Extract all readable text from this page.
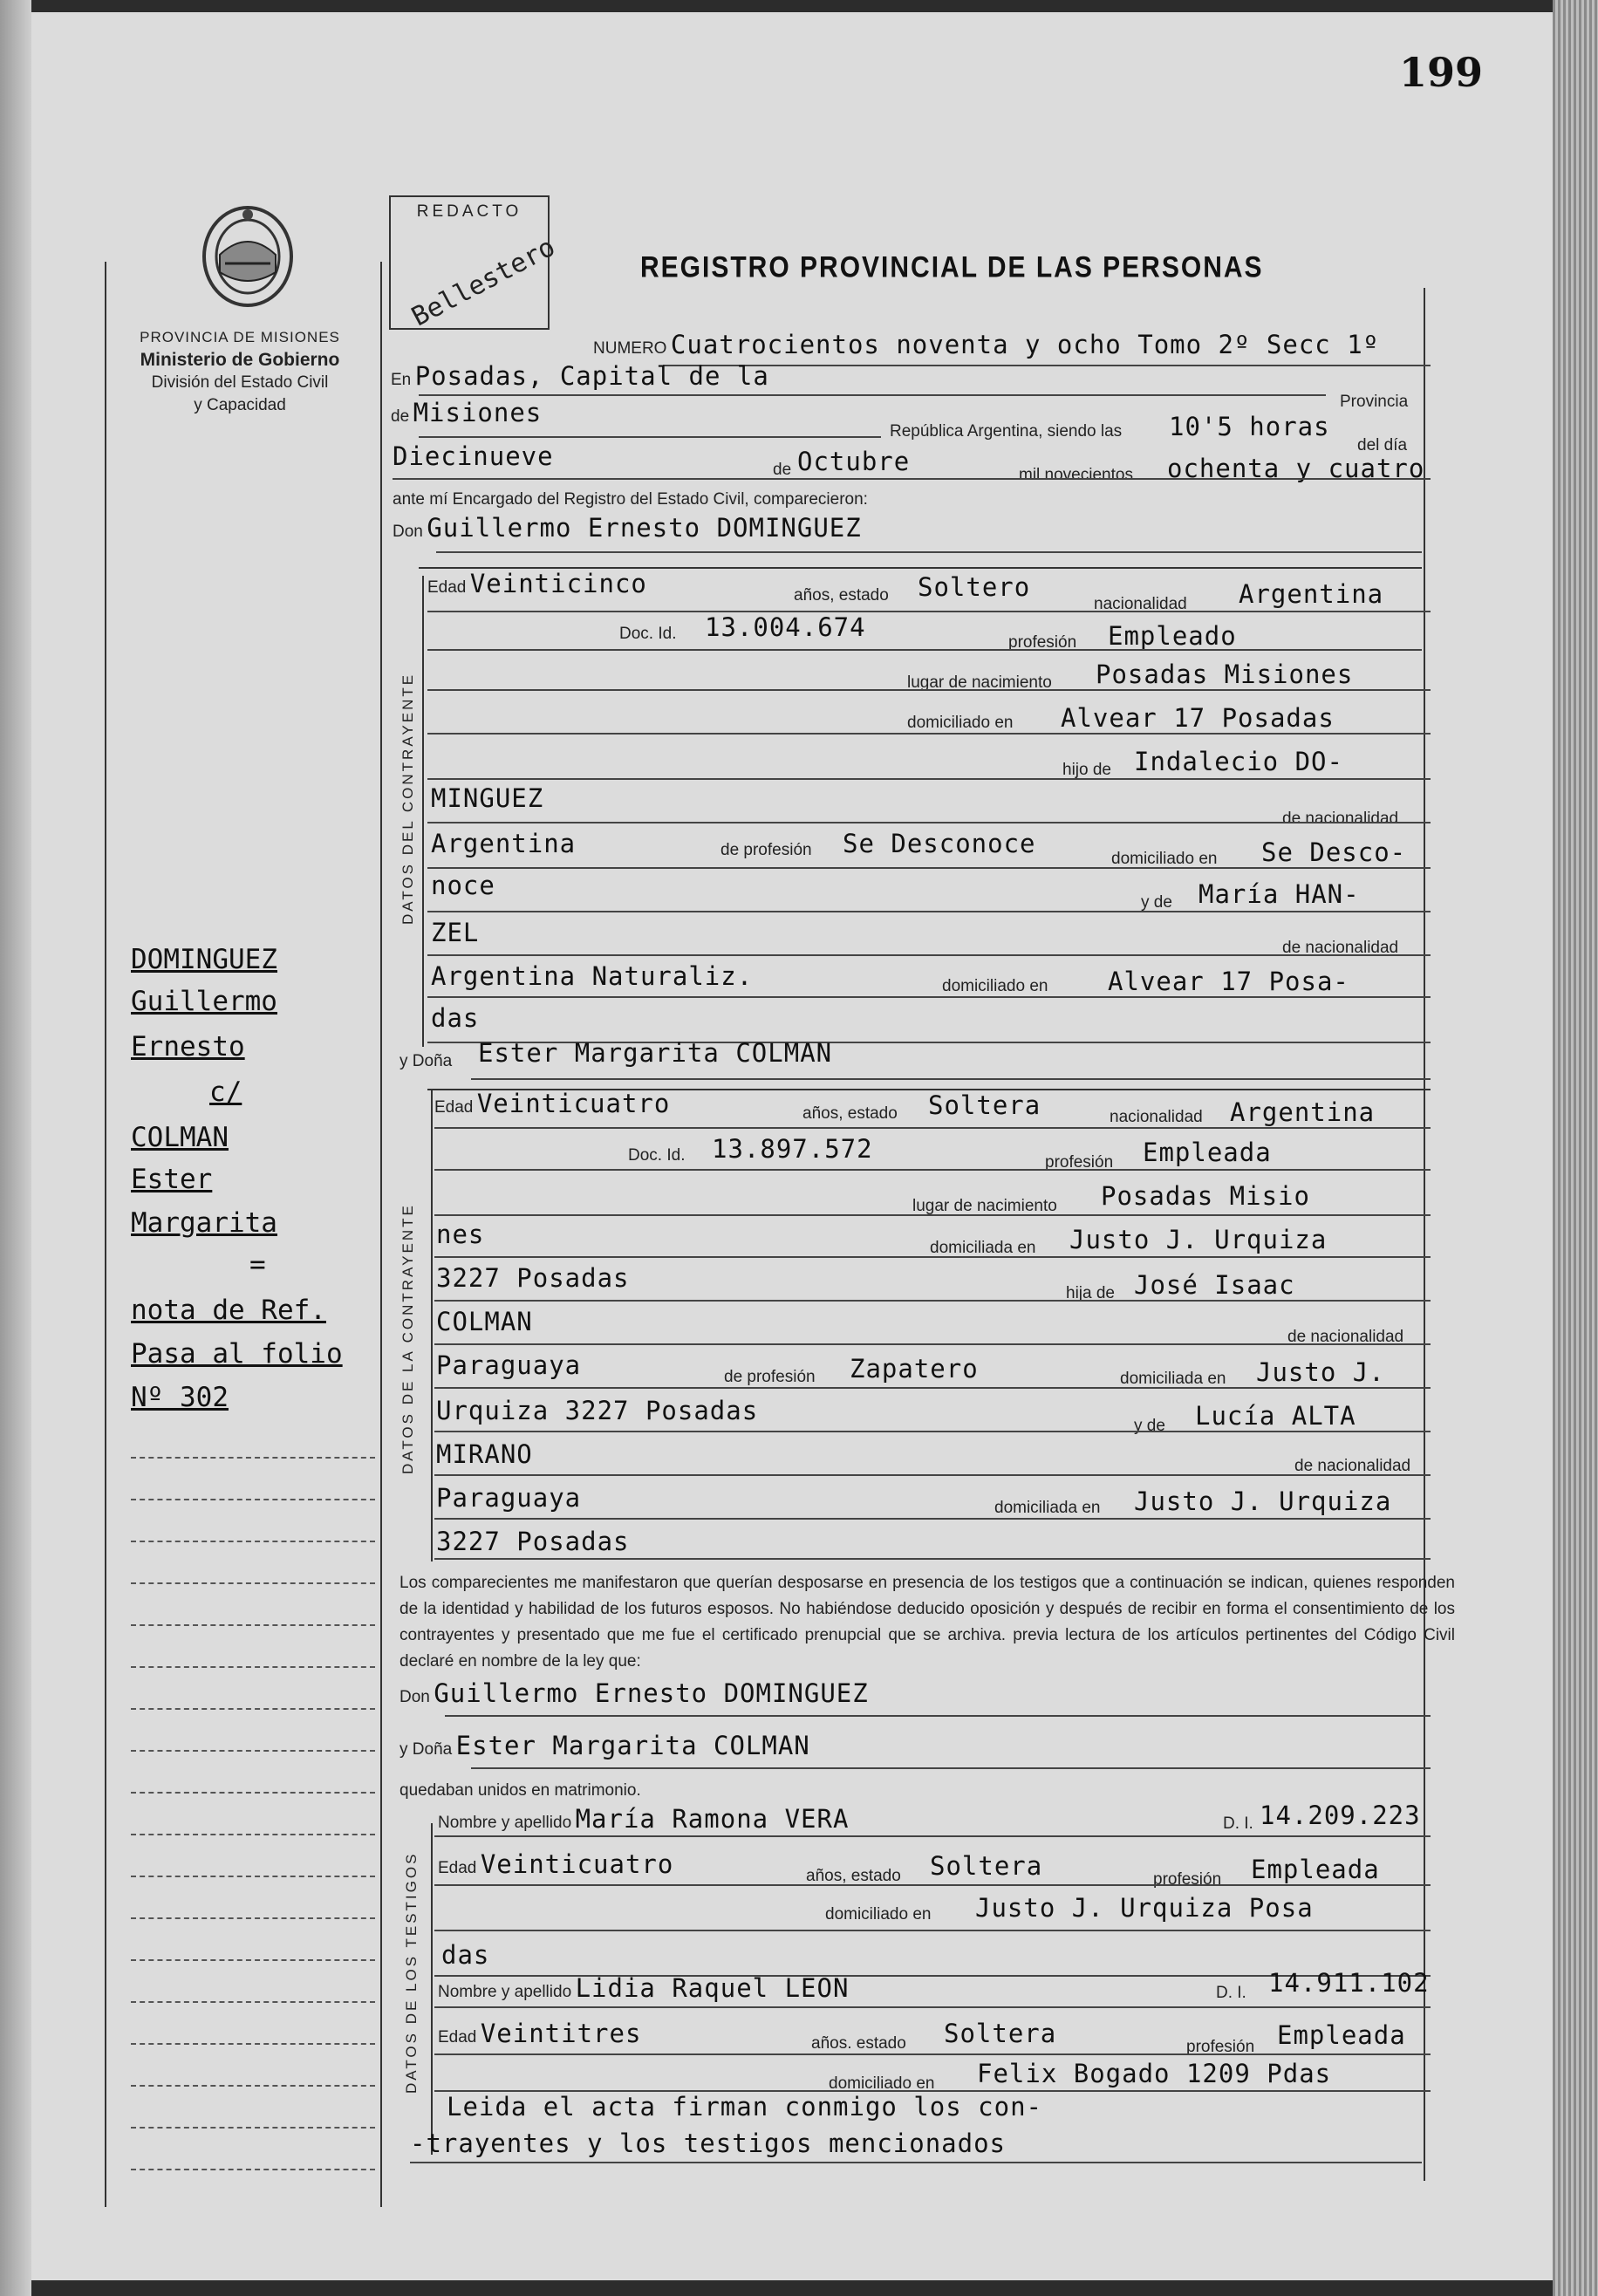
199
PROVINCIA DE MISIONES
Ministerio de Gobierno
División del Estado Civil
y Capacidad
REDACTO
Bellestero	REGISTRO PROVINCIAL DE LAS PERSONAS
DATOS DEL CONTRAYENTE
DATOS DE LA CONTRAYENTE
DATOS DE LOS TESTIGOS
NUMERO Cuatrocientos noventa y ocho Tomo 2º Secc 1º
En Posadas, Capital de la
Provincia
de Misiones
República Argentina, siendo las 10'5 horas
del día
Diecinueve	de Octubre	mil novecientos ochenta y cuatro
ante mí Encargado del Registro del Estado Civil, comparecieron:
Don Guillermo Ernesto DOMINGUEZ
Edad Veinticinco	años, estado Soltero
nacionalidad Argentina
Doc. Id. 13.004.674
profesión Empleado
lugar de nacimiento Posadas Misiones
domiciliado en Alvear 17 Posadas
hijo de Indalecio DO-
MINGUEZ
de nacionalidad
Argentina	de profesión Se Desconoce
domiciliado en Se Desco-
noce
y de María HAN-
ZEL
de nacionalidad
Argentina Naturaliz.	domiciliado en Alvear 17 Posa-
das
y Doña Ester Margarita COLMAN
Edad Veinticuatro	años, estado Soltera	nacionalidad Argentina
Doc. Id. 13.897.572	profesión Empleada
lugar de nacimiento Posadas Misio
nes	domiciliada en Justo J. Urquiza
3227 Posadas
hija de José Isaac
COLMAN
de nacionalidad
Paraguaya	de profesión Zapatero	domiciliada en Justo J.
Urquiza 3227 Posadas
y de Lucía ALTA
MIRANO	de nacionalidad
Paraguaya	domiciliada en Justo J. Urquiza
3227 Posadas
Los comparecientes me manifestaron que querían desposarse en presencia de los testigos que a continuación se indican, quienes responden de la identidad y habilidad de los futuros esposos. No habiéndose deducido oposición y después de recibir en forma el consentimiento de los contrayentes y presentado que me fue el certificado prenupcial que se archiva. previa lectura de los artículos pertinentes del Código Civil declaré en nombre de la ley que:
Don Guillermo Ernesto DOMINGUEZ
y Doña Ester Margarita COLMAN
quedaban unidos en matrimonio.
Nombre y apellido María Ramona VERA	D. I. 14.209.223
Edad Veinticuatro	años, estado Soltera	profesión Empleada
domiciliado en Justo J. Urquiza Posa
das
Nombre y apellido Lidia Raquel LEON	D. I. 14.911.102
Edad Veintitres	años. estado Soltera	profesión Empleada
domiciliado en Felix Bogado 1209 Pdas
Leida el acta firman conmigo los con-
-trayentes y los testigos mencionados
DOMINGUEZ
Guillermo
Ernesto
c/
COLMAN
Ester
Margarita
=
nota de Ref.
Pasa al folio
Nº 302
